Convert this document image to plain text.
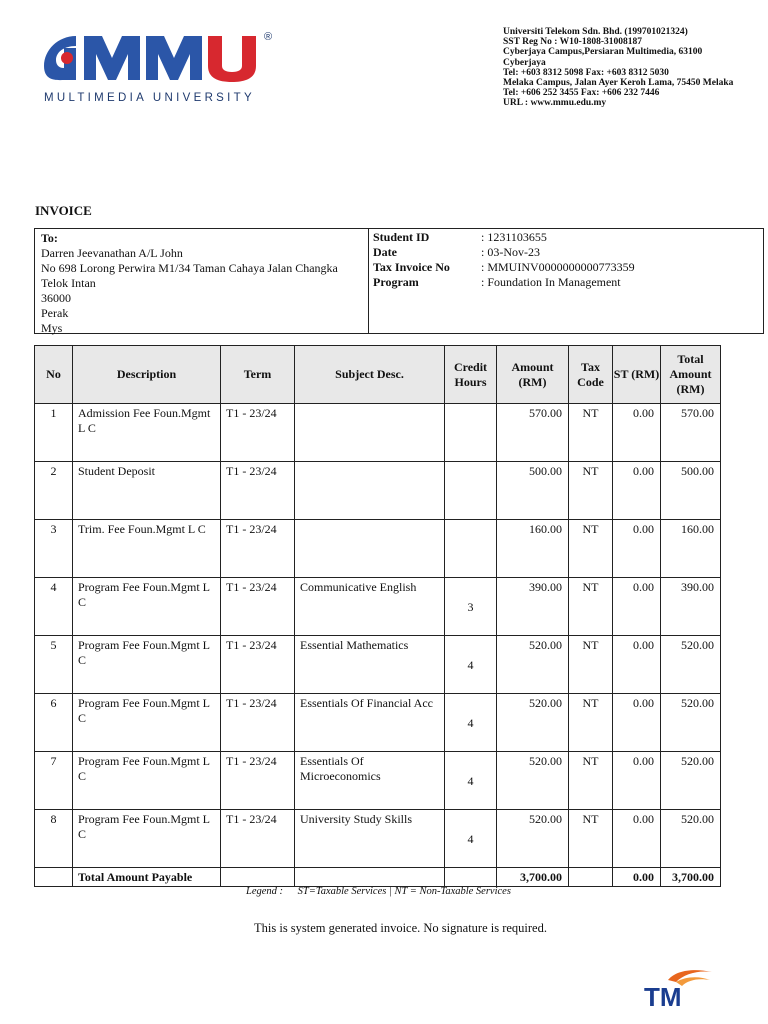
MULTIMEDIA UNIVERSITY
®	Universiti Telekom Sdn. Bhd. (199701021324)
SST Reg No : W10-1808-31008187
Cyberjaya Campus,Persiaran Multimedia, 63100 Cyberjaya
Tel: +603 8312 5098 Fax: +603 8312 5030
Melaka Campus, Jalan Ayer Keroh Lama, 75450 Melaka
Tel: +606 252 3455 Fax: +606 232 7446
URL : www.mmu.edu.my
INVOICE
To:
Darren Jeevanathan A/L John
No 698 Lorong Perwira M1/34 Taman Cahaya Jalan Changka
Telok Intan
36000
Perak
Mys
Student ID	: 1231103655
Date	: 03-Nov-23
Tax Invoice No	: MMUINV0000000000773359
Program	: Foundation In Management
No	Description	Term	Subject Desc.	Credit Hours	Amount (RM)	Tax Code	ST (RM)	Total Amount (RM)
1	Admission Fee Foun.Mgmt L C	T1 - 23/24			570.00	NT	0.00	570.00
2	Student Deposit	T1 - 23/24			500.00	NT	0.00	500.00
3	Trim. Fee Foun.Mgmt L C	T1 - 23/24			160.00	NT	0.00	160.00
4	Program Fee Foun.Mgmt L C	T1 - 23/24	Communicative English	3	390.00	NT	0.00	390.00
5	Program Fee Foun.Mgmt L C	T1 - 23/24	Essential Mathematics	4	520.00	NT	0.00	520.00
6	Program Fee Foun.Mgmt L C	T1 - 23/24	Essentials Of Financial Acc	4	520.00	NT	0.00	520.00
7	Program Fee Foun.Mgmt L C	T1 - 23/24	Essentials Of Microeconomics	4	520.00	NT	0.00	520.00
8	Program Fee Foun.Mgmt L C	T1 - 23/24	University Study Skills	4	520.00	NT	0.00	520.00
	Total Amount Payable				3,700.00		0.00	3,700.00
Legend : ST=Taxable Services | NT = Non-Taxable Services
This is system generated invoice. No signature is required.
TM
